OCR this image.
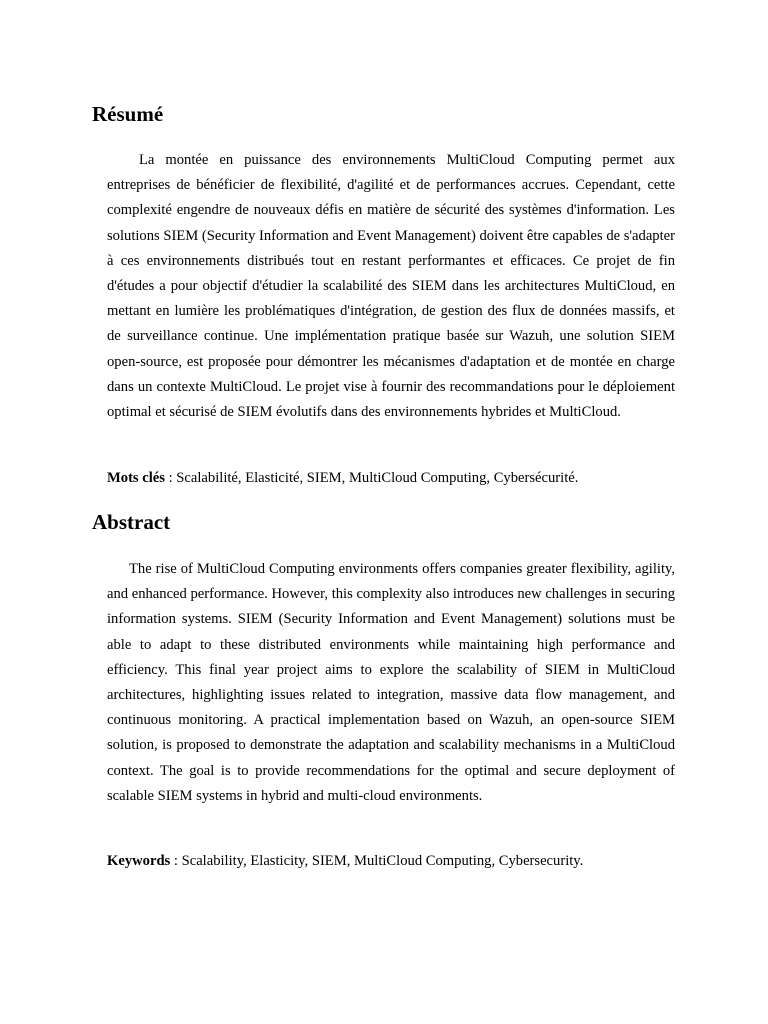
Résumé

La montée en puissance des environnements MultiCloud Computing permet aux entreprises de bénéficier de flexibilité, d'agilité et de performances accrues. Cependant, cette complexité engendre de nouveaux défis en matière de sécurité des systèmes d'information. Les solutions SIEM (Security Information and Event Management) doivent être capables de s'adapter à ces environnements distribués tout en restant performantes et efficaces. Ce projet de fin d'études a pour objectif d'étudier la scalabilité des SIEM dans les architectures MultiCloud, en mettant en lumière les problématiques d'intégration, de gestion des flux de données massifs, et de surveillance continue. Une implémentation pratique basée sur Wazuh, une solution SIEM open-source, est proposée pour démontrer les mécanismes d'adaptation et de montée en charge dans un contexte MultiCloud. Le projet vise à fournir des recommandations pour le déploiement optimal et sécurisé de SIEM évolutifs dans des environnements hybrides et MultiCloud.

Mots clés : Scalabilité, Elasticité, SIEM, MultiCloud Computing, Cybersécurité.

Abstract

The rise of MultiCloud Computing environments offers companies greater flexibility, agility, and enhanced performance. However, this complexity also introduces new challenges in securing information systems. SIEM (Security Information and Event Management) solutions must be able to adapt to these distributed environments while maintaining high performance and efficiency. This final year project aims to explore the scalability of SIEM in MultiCloud architectures, highlighting issues related to integration, massive data flow management, and continuous monitoring. A practical implementation based on Wazuh, an open-source SIEM solution, is proposed to demonstrate the adaptation and scalability mechanisms in a MultiCloud context. The goal is to provide recommendations for the optimal and secure deployment of scalable SIEM systems in hybrid and multi-cloud environments.

Keywords : Scalability, Elasticity, SIEM, MultiCloud Computing, Cybersecurity.
